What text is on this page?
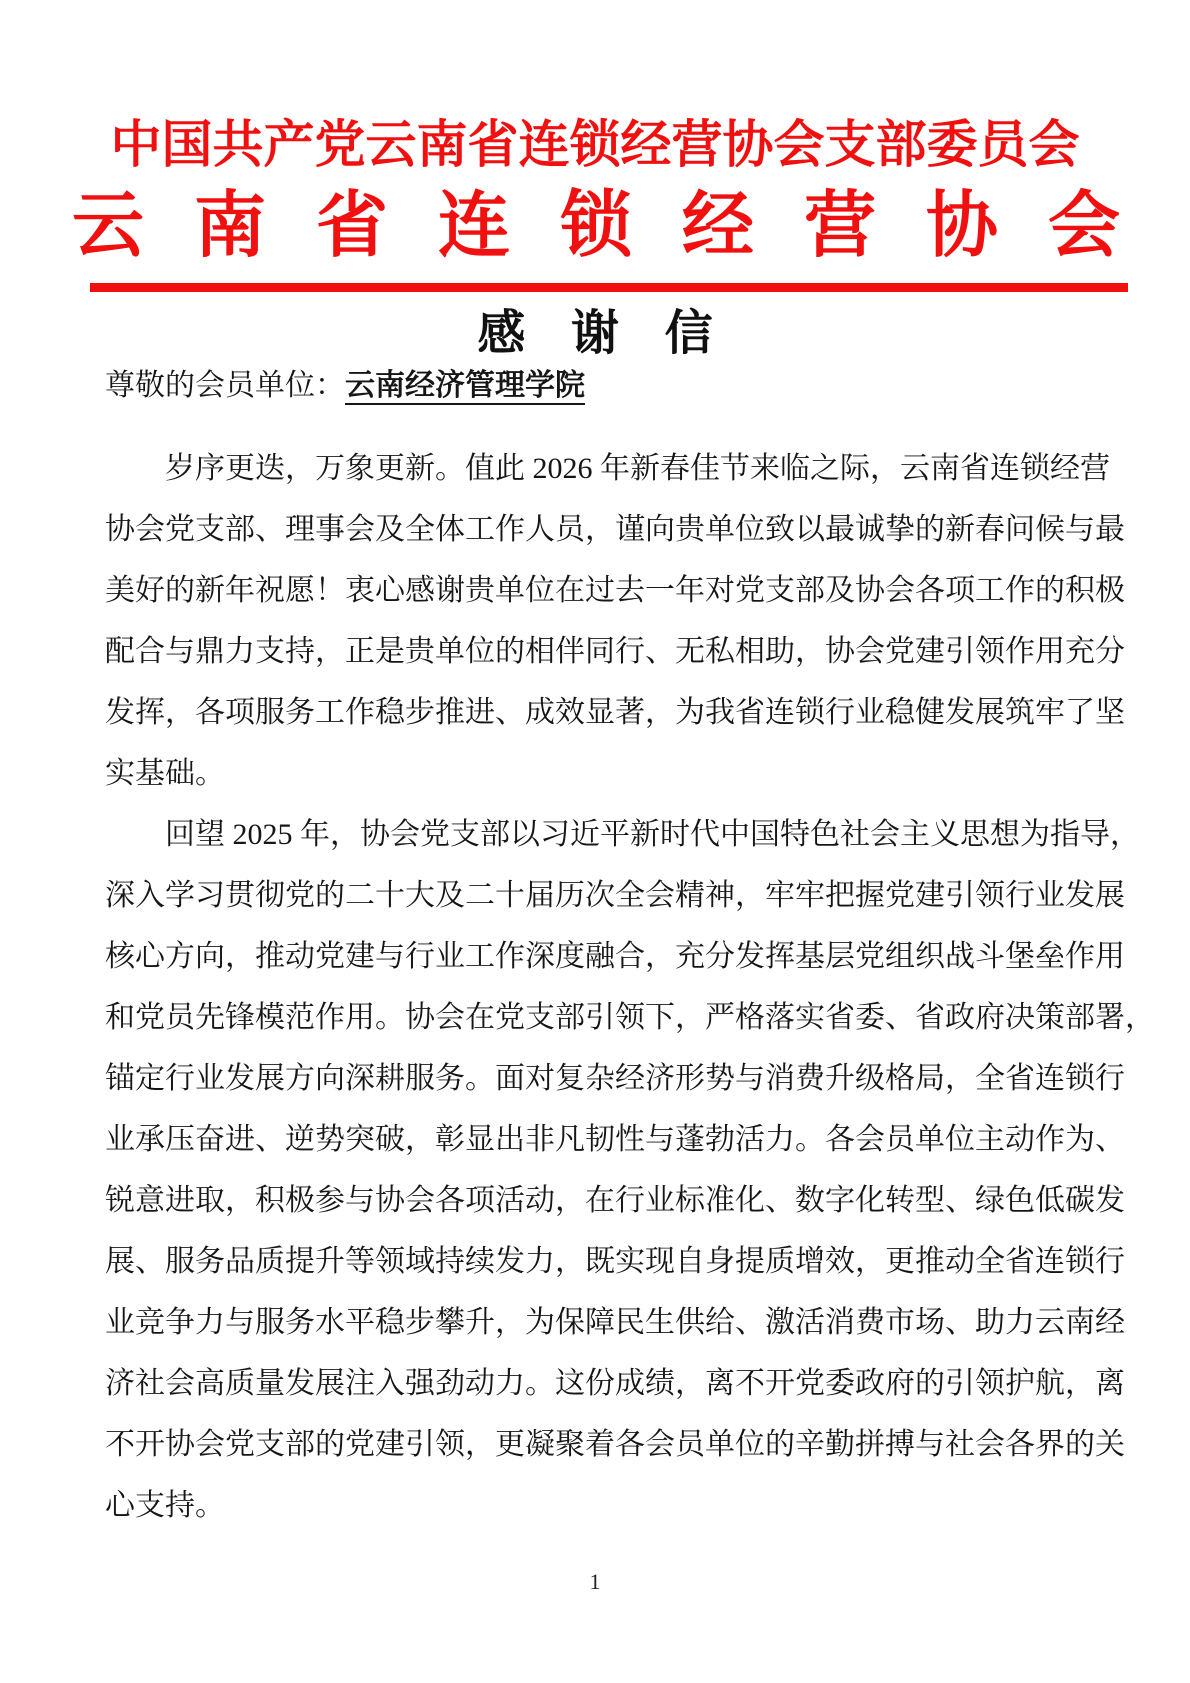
中国共产党云南省连锁经营协会支部委员会
云南省连锁经营协会
感谢信
尊敬的会员单位：云南经济管理学院
岁序更迭，万象更新。值此 2026 年新春佳节来临之际，云南省连锁经营
协会党支部、理事会及全体工作人员，谨向贵单位致以最诚挚的新春问候与最
美好的新年祝愿！衷心感谢贵单位在过去一年对党支部及协会各项工作的积极
配合与鼎力支持，正是贵单位的相伴同行、无私相助，协会党建引领作用充分
发挥，各项服务工作稳步推进、成效显著，为我省连锁行业稳健发展筑牢了坚
实基础。
回望 2025 年，协会党支部以习近平新时代中国特色社会主义思想为指导，
深入学习贯彻党的二十大及二十届历次全会精神，牢牢把握党建引领行业发展
核心方向，推动党建与行业工作深度融合，充分发挥基层党组织战斗堡垒作用
和党员先锋模范作用。协会在党支部引领下，严格落实省委、省政府决策部署，
锚定行业发展方向深耕服务。面对复杂经济形势与消费升级格局，全省连锁行
业承压奋进、逆势突破，彰显出非凡韧性与蓬勃活力。各会员单位主动作为、
锐意进取，积极参与协会各项活动，在行业标准化、数字化转型、绿色低碳发
展、服务品质提升等领域持续发力，既实现自身提质增效，更推动全省连锁行
业竞争力与服务水平稳步攀升，为保障民生供给、激活消费市场、助力云南经
济社会高质量发展注入强劲动力。这份成绩，离不开党委政府的引领护航，离
不开协会党支部的党建引领，更凝聚着各会员单位的辛勤拼搏与社会各界的关
心支持。
1
